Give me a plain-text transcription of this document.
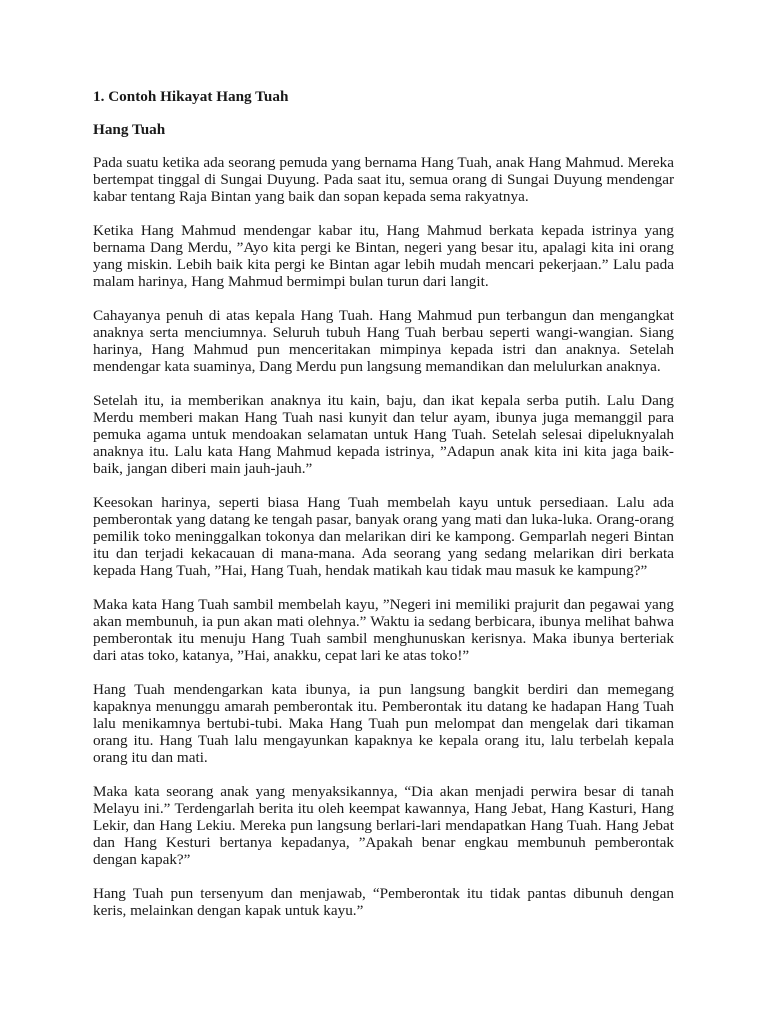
1. Contoh Hikayat Hang Tuah

Hang Tuah

Pada suatu ketika ada seorang pemuda yang bernama Hang Tuah, anak Hang Mahmud. Mereka bertempat tinggal di Sungai Duyung. Pada saat itu, semua orang di Sungai Duyung mendengar kabar tentang Raja Bintan yang baik dan sopan kepada sema rakyatnya.

Ketika Hang Mahmud mendengar kabar itu, Hang Mahmud berkata kepada istrinya yang bernama Dang Merdu, ”Ayo kita pergi ke Bintan, negeri yang besar itu, apalagi kita ini orang yang miskin. Lebih baik kita pergi ke Bintan agar lebih mudah mencari pekerjaan.” Lalu pada malam harinya, Hang Mahmud bermimpi bulan turun dari langit.

Cahayanya penuh di atas kepala Hang Tuah. Hang Mahmud pun terbangun dan mengangkat anaknya serta menciumnya. Seluruh tubuh Hang Tuah berbau seperti wangi-wangian. Siang harinya, Hang Mahmud pun menceritakan mimpinya kepada istri dan anaknya. Setelah mendengar kata suaminya, Dang Merdu pun langsung memandikan dan melulurkan anaknya.

Setelah itu, ia memberikan anaknya itu kain, baju, dan ikat kepala serba putih. Lalu Dang Merdu memberi makan Hang Tuah nasi kunyit dan telur ayam, ibunya juga memanggil para pemuka agama untuk mendoakan selamatan untuk Hang Tuah. Setelah selesai dipeluknyalah anaknya itu. Lalu kata Hang Mahmud kepada istrinya, ”Adapun anak kita ini kita jaga baik-baik, jangan diberi main jauh-jauh.”

Keesokan harinya, seperti biasa Hang Tuah membelah kayu untuk persediaan. Lalu ada pemberontak yang datang ke tengah pasar, banyak orang yang mati dan luka-luka. Orang-orang pemilik toko meninggalkan tokonya dan melarikan diri ke kampong. Gemparlah negeri Bintan itu dan terjadi kekacauan di mana-mana. Ada seorang yang sedang melarikan diri berkata kepada Hang Tuah, ”Hai, Hang Tuah, hendak matikah kau tidak mau masuk ke kampung?”

Maka kata Hang Tuah sambil membelah kayu, ”Negeri ini memiliki prajurit dan pegawai yang akan membunuh, ia pun akan mati olehnya.” Waktu ia sedang berbicara, ibunya melihat bahwa pemberontak itu menuju Hang Tuah sambil menghunuskan kerisnya. Maka ibunya berteriak dari atas toko, katanya, ”Hai, anakku, cepat lari ke atas toko!”

Hang Tuah mendengarkan kata ibunya, ia pun langsung bangkit berdiri dan memegang kapaknya menunggu amarah pemberontak itu. Pemberontak itu datang ke hadapan Hang Tuah lalu menikamnya bertubi-tubi. Maka Hang Tuah pun melompat dan mengelak dari tikaman orang itu. Hang Tuah lalu mengayunkan kapaknya ke kepala orang itu, lalu terbelah kepala orang itu dan mati.

Maka kata seorang anak yang menyaksikannya, “Dia akan menjadi perwira besar di tanah Melayu ini.” Terdengarlah berita itu oleh keempat kawannya, Hang Jebat, Hang Kasturi, Hang Lekir, dan Hang Lekiu. Mereka pun langsung berlari-lari mendapatkan Hang Tuah. Hang Jebat dan Hang Kesturi bertanya kepadanya, ”Apakah benar engkau membunuh pemberontak dengan kapak?”

Hang Tuah pun tersenyum dan menjawab, “Pemberontak itu tidak pantas dibunuh dengan keris, melainkan dengan kapak untuk kayu.”
